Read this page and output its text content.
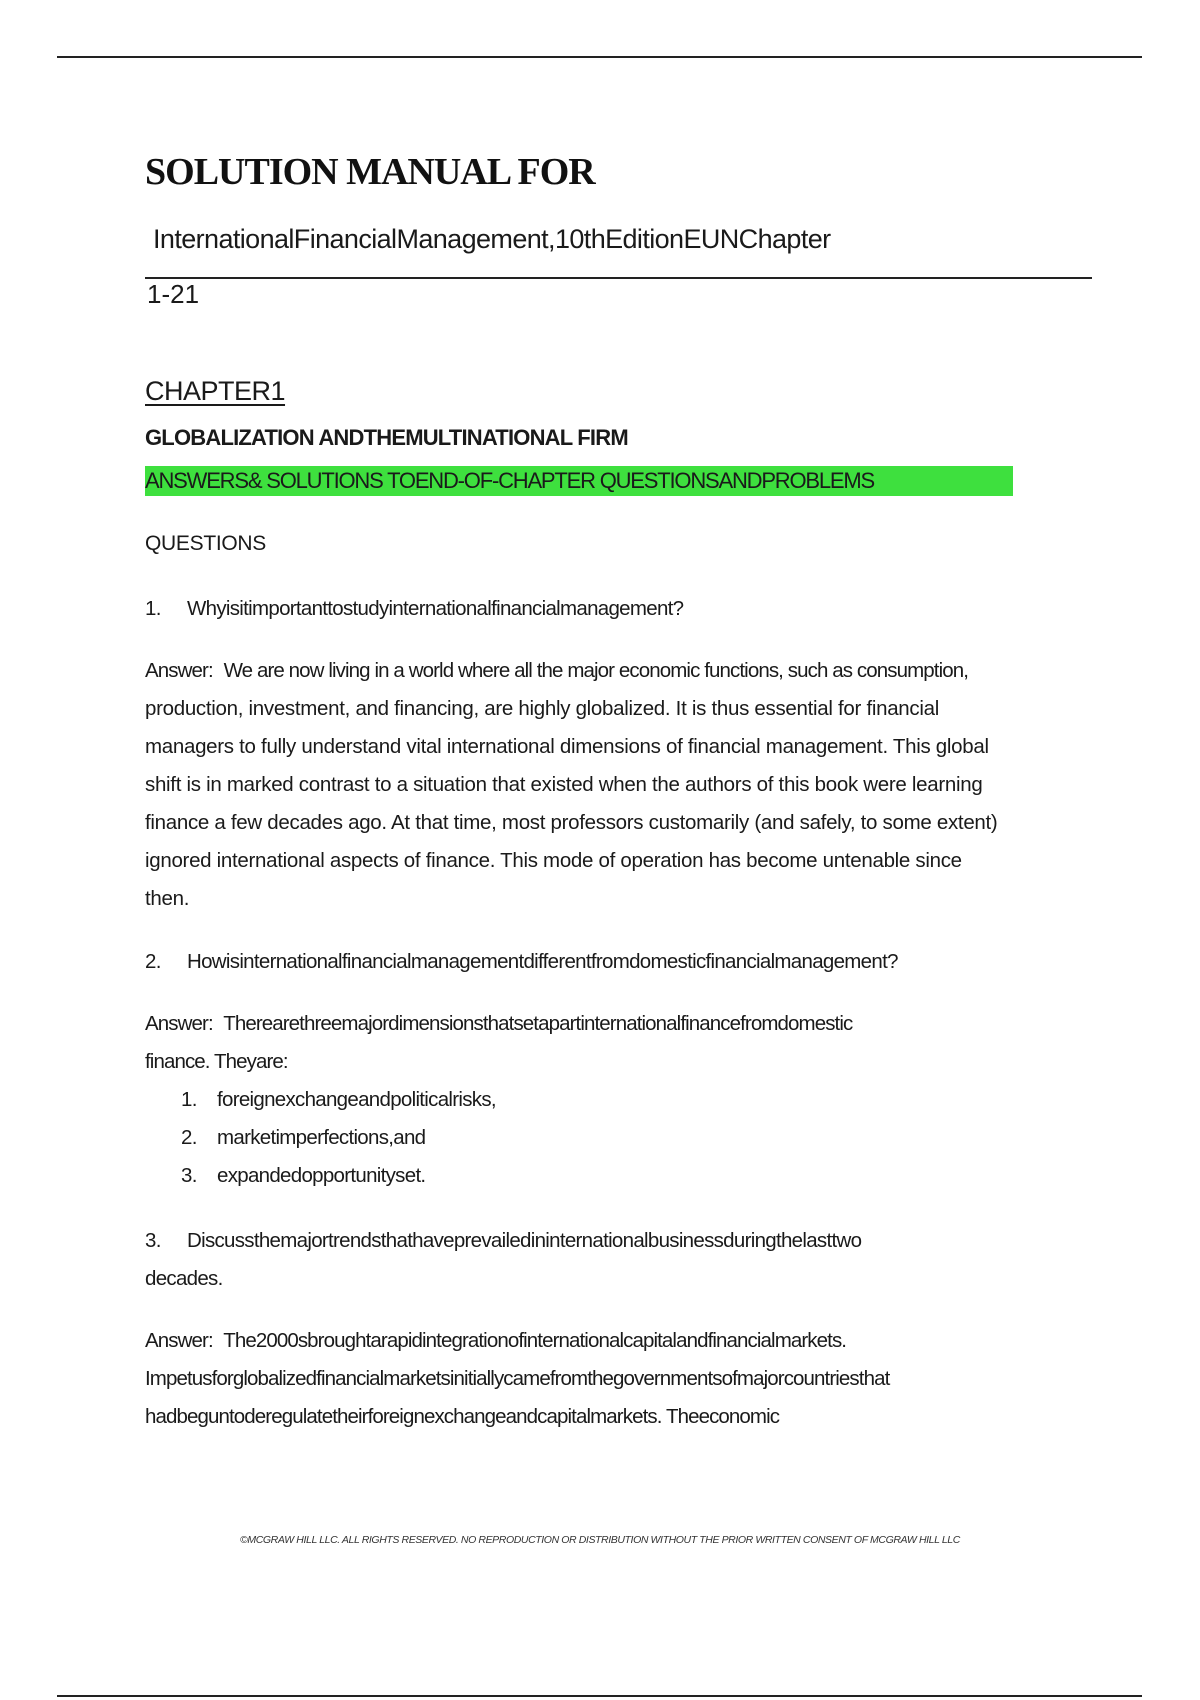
SOLUTION MANUAL FOR
InternationalFinancialManagement,10thEditionEUNChapter
1-21
CHAPTER1
GLOBALIZATION ANDTHEMULTINATIONAL FIRM
ANSWERS& SOLUTIONS TOEND-OF-CHAPTER QUESTIONSANDPROBLEMS
QUESTIONS
1. Whyisitimportanttostudyinternationalfinancialmanagement?
Answer: We are now living in a world where all the major economic functions, such as consumption,
production, investment, and financing, are highly globalized. It is thus essential for financial
managers to fully understand vital international dimensions of financial management. This global
shift is in marked contrast to a situation that existed when the authors of this book were learning
finance a few decades ago. At that time, most professors customarily (and safely, to some extent)
ignored international aspects of finance. This mode of operation has become untenable since
then.
2. Howisinternationalfinancialmanagementdifferentfromdomesticfinancialmanagement?
Answer: Therearethreemajordimensionsthatsetapartinternationalfinancefromdomestic
finance. Theyare:
1. foreignexchangeandpoliticalrisks,
2. marketimperfections,and
3. expandedopportunityset.
3. Discussthemajortrendsthathaveprevailedininternationalbusinessduringthelasttwo
decades.
Answer: The2000sbroughtarapidintegrationofinternationalcapitalandfinancialmarkets.
Impetusforglobalizedfinancialmarketsinitiallycamefromthegovernmentsofmajorcountriesthat
hadbeguntoderegulatetheirforeignexchangeandcapitalmarkets. Theeconomic
©MCGRAW HILL LLC. ALL RIGHTS RESERVED. NO REPRODUCTION OR DISTRIBUTION WITHOUT THE PRIOR WRITTEN CONSENT OF MCGRAW HILL LLC
